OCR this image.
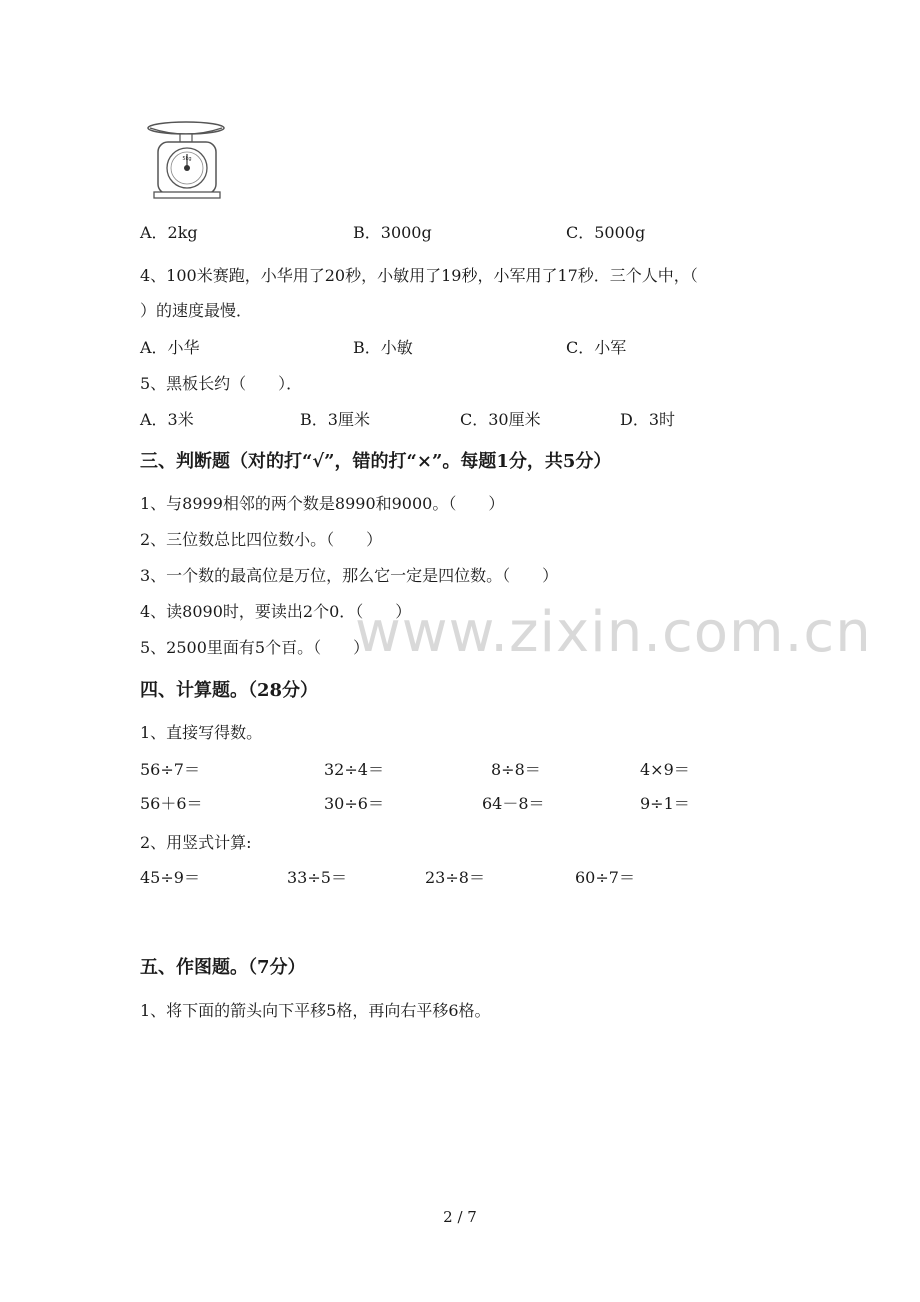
5kg
A．2kg	B．3000g	C．5000g
4、100米赛跑，小华用了20秒，小敏用了19秒，小军用了17秒．三个人中，（
）的速度最慢．
A．小华	B．小敏	C．小军
5、黑板长约（　　）．
A．3米	B．3厘米	C．30厘米	D．3时
三、判断题（对的打“√”，错的打“×”。每题1分，共5分）
1、与8999相邻的两个数是8990和9000。（　　）
2、三位数总比四位数小。（　　）
3、一个数的最高位是万位，那么它一定是四位数。（　　）
4、读8090时，要读出2个0．（　　）
5、2500里面有5个百。（　　）
www.zixin.com.cn
四、计算题。（28分）
1、直接写得数。
56÷7＝	32÷4＝	8÷8＝	4×9＝
56＋6＝	30÷6＝	64－8＝	9÷1＝
2、用竖式计算:
45÷9＝	33÷5＝	23÷8＝	60÷7＝
五、作图题。（7分）
1、将下面的箭头向下平移5格，再向右平移6格。
2 / 7
